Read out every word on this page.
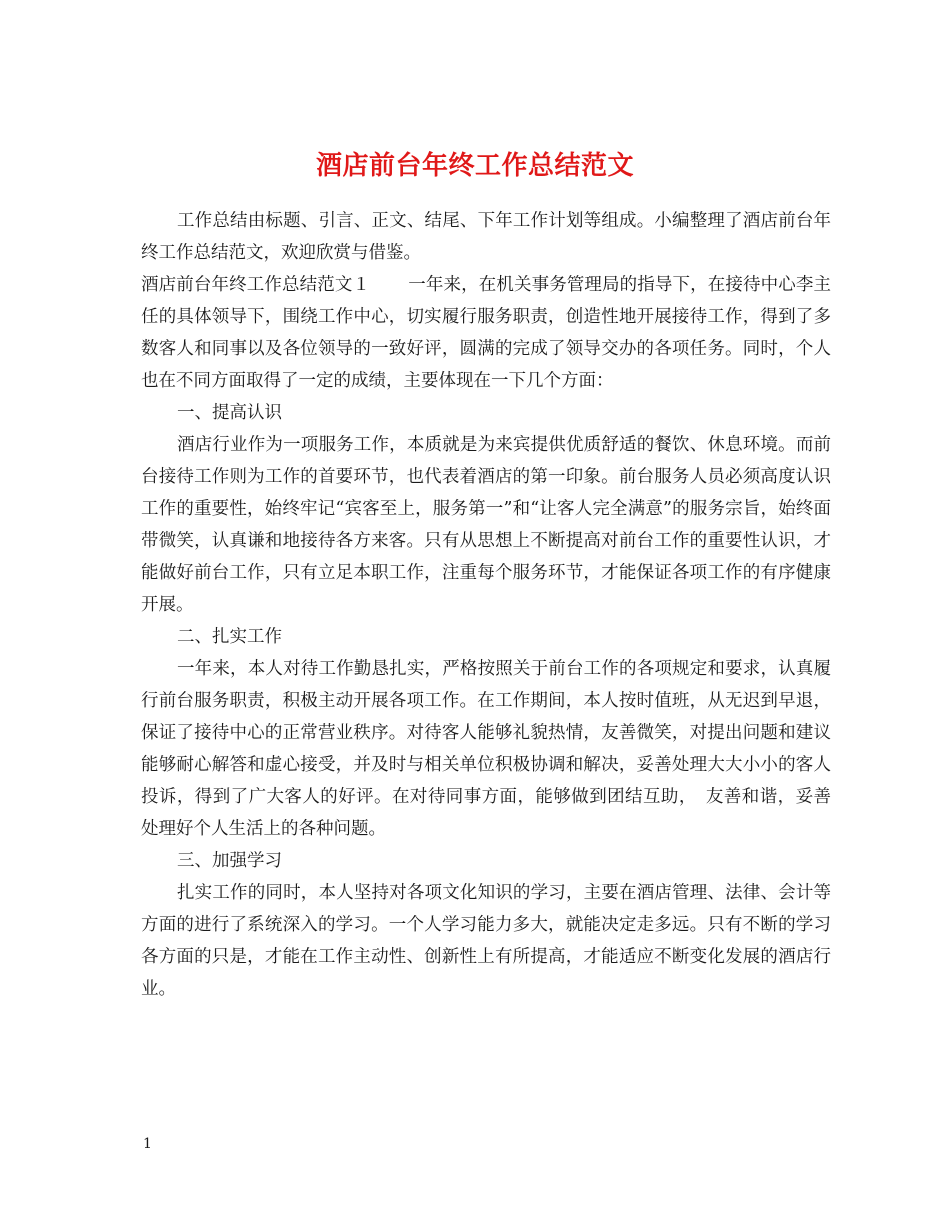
酒店前台年终工作总结范文

工作总结由标题、引言、正文、结尾、下年工作计划等组成。小编整理了酒店前台年终工作总结范文，欢迎欣赏与借鉴。

酒店前台年终工作总结范文１ 一年来，在机关事务管理局的指导下，在接待中心李主任的具体领导下，围绕工作中心，切实履行服务职责，创造性地开展接待工作，得到了多数客人和同事以及各位领导的一致好评，圆满的完成了领导交办的各项任务。同时，个人也在不同方面取得了一定的成绩，主要体现在一下几个方面：

一、提高认识

酒店行业作为一项服务工作，本质就是为来宾提供优质舒适的餐饮、休息环境。而前台接待工作则为工作的首要环节，也代表着酒店的第一印象。前台服务人员必须高度认识工作的重要性，始终牢记“宾客至上，服务第一”和“让客人完全满意”的服务宗旨，始终面带微笑，认真谦和地接待各方来客。只有从思想上不断提高对前台工作的重要性认识，才能做好前台工作，只有立足本职工作，注重每个服务环节，才能保证各项工作的有序健康开展。

二、扎实工作

一年来，本人对待工作勤恳扎实，严格按照关于前台工作的各项规定和要求，认真履行前台服务职责，积极主动开展各项工作。在工作期间，本人按时值班，从无迟到早退，保证了接待中心的正常营业秩序。对待客人能够礼貌热情，友善微笑，对提出问题和建议能够耐心解答和虚心接受，并及时与相关单位积极协调和解决，妥善处理大大小小的客人投诉，得到了广大客人的好评。在对待同事方面，能够做到团结互助，　友善和谐，妥善处理好个人生活上的各种问题。

三、加强学习

扎实工作的同时，本人坚持对各项文化知识的学习，主要在酒店管理、法律、会计等方面的进行了系统深入的学习。一个人学习能力多大，就能决定走多远。只有不断的学习各方面的只是，才能在工作主动性、创新性上有所提高，才能适应不断变化发展的酒店行业。

1
